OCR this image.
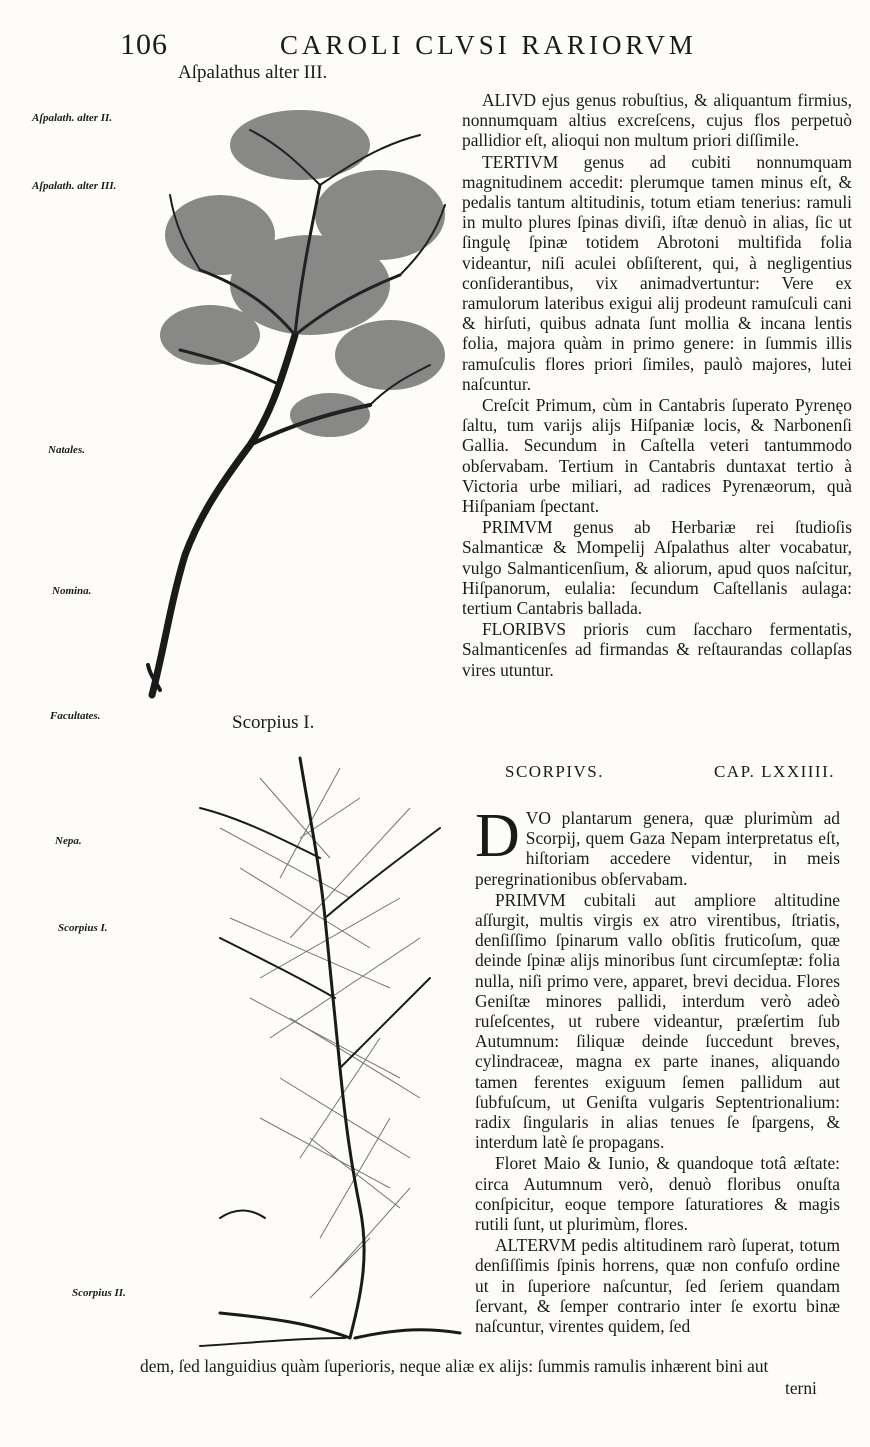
106	CAROLI CLVSI RARIORVM
Aſpalathus alter III.
Scorpius I.
Aſpalath. alter II.
Aſpalath. alter III.
Natales.
Nomina.
Facultates.
Nepa.
Scorpius I.
Scorpius II.

ALIVD ejus genus robuſtius, & aliquantum firmius, nonnumquam altius excreſcens, cujus flos perpetuò pallidior eſt, alioqui non multum priori diſſimile.

TERTIVM genus ad cubiti nonnumquam magnitudinem accedit: plerumque tamen minus eſt, & pedalis tantum altitudinis, totum etiam tenerius: ramuli in multo plures ſpinas diviſi, iſtæ denuò in alias, ſic ut ſingulę ſpinæ totidem Abrotoni multifida folia videantur, niſi aculei obſiſterent, qui, à negligentius conſiderantibus, vix animadvertuntur: Vere ex ramulorum lateribus exigui alij prodeunt ramuſculi cani & hirſuti, quibus adnata ſunt mollia & incana lentis folia, majora quàm in primo genere: in ſummis illis ramuſculis flores priori ſimiles, paulò majores, lutei naſcuntur.

Creſcit Primum, cùm in Cantabris ſuperato Pyrenęo ſaltu, tum varijs alijs Hiſpaniæ locis, & Narbonenſi Gallia. Secundum in Caſtella veteri tantummodo obſervabam. Tertium in Cantabris duntaxat tertio à Victoria urbe miliari, ad radices Pyrenæorum, quà Hiſpaniam ſpectant.

PRIMVM genus ab Herbariæ rei ſtudioſis Salmanticæ & Mompelij Aſpalathus alter vocabatur, vulgo Salmanticenſium, & aliorum, apud quos naſcitur, Hiſpanorum, eulalia: ſecundum Caſtellanis aulaga: tertium Cantabris ballada.

FLORIBVS prioris cum ſaccharo fermentatis, Salmanticenſes ad firmandas & reſtaurandas collapſas vires utuntur.

SCORPIVS.	CAP. LXXIIII.

DVO plantarum genera, quæ plurimùm ad Scorpij, quem Gaza Nepam interpretatus eſt, hiſtoriam accedere videntur, in meis peregrinationibus obſervabam.

PRIMVM cubitali aut ampliore altitudine aſſurgit, multis virgis ex atro virentibus, ſtriatis, denſiſſimo ſpinarum vallo obſitis fruticoſum, quæ deinde ſpinæ alijs minoribus ſunt circumſeptæ: folia nulla, niſi primo vere, apparet, brevi decidua. Flores Geniſtæ minores pallidi, interdum verò adeò ruſeſcentes, ut rubere videantur, præſertim ſub Autumnum: ſiliquæ deinde ſuccedunt breves, cylindraceæ, magna ex parte inanes, aliquando tamen ferentes exiguum ſemen pallidum aut ſubfuſcum, ut Geniſta vulgaris Septentrionalium: radix ſingularis in alias tenues ſe ſpargens, & interdum latè ſe propagans.

Floret Maio & Iunio, & quandoque totâ æſtate: circa Autumnum verò, denuò floribus onuſta conſpicitur, eoque tempore ſaturatiores & magis rutili ſunt, ut plurimùm, flores.

ALTERVM pedis altitudinem rarò ſuperat, totum denſiſſimis ſpinis horrens, quæ non confuſo ordine ut in ſuperiore naſcuntur, ſed ſeriem quandam ſervant, & ſemper contrario inter ſe exortu binæ naſcuntur, virentes quidem, ſed

dem, ſed languidius quàm ſuperioris, neque aliæ ex alijs: ſummis ramulis inhærent bini aut
terni
